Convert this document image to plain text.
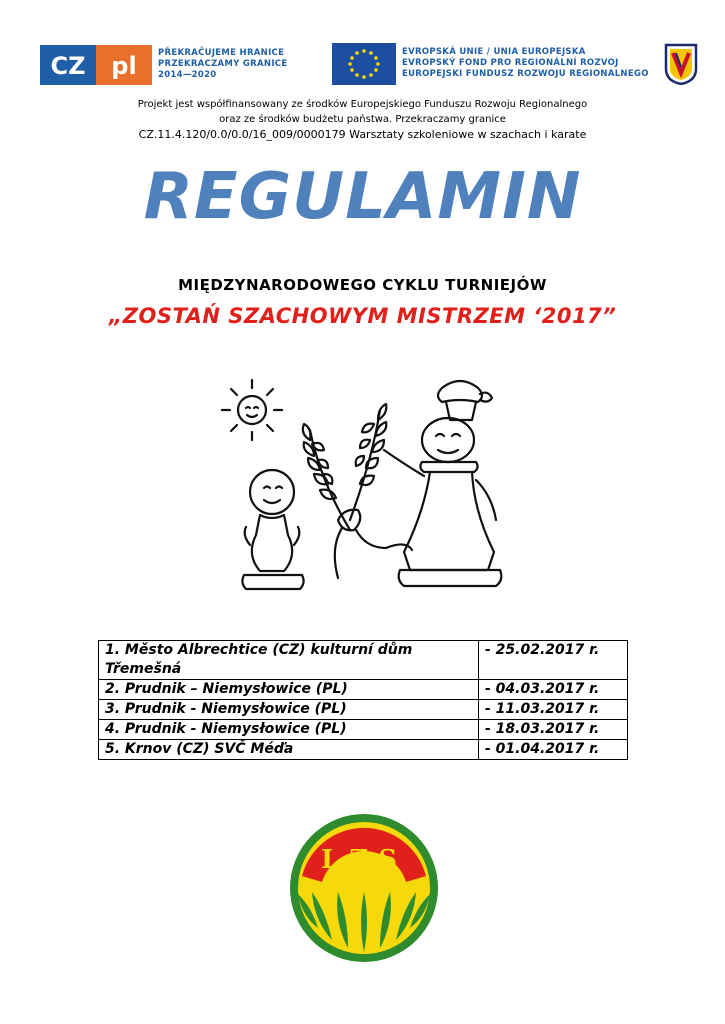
CZ pl	PŘEKRAČUJEME HRANICE
PRZEKRACZAMY GRANICE
2014—2020
EVROPSKÁ UNIE / UNIA EUROPEJSKA
EVROPSKÝ FOND PRO REGIONÁLNÍ ROZVOJ
EUROPEJSKI FUNDUSZ ROZWOJU REGIONALNEGO
Projekt jest współfinansowany ze środków Europejskiego Funduszu Rozwoju Regionalnego
oraz ze środków budżetu państwa. Przekraczamy granice
CZ.11.4.120/0.0/0.0/16_009/0000179 Warsztaty szkoleniowe w szachach i karate
REGULAMIN
MIĘDZYNARODOWEGO CYKLU TURNIEJÓW
„ZOSTAŃ SZACHOWYM MISTRZEM ‘2017”
1. Město Albrechtice (CZ) kulturní dům Třemešná	- 25.02.2017 r.
2. Prudnik – Niemysłowice (PL)	- 04.03.2017 r.
3. Prudnik - Niemysłowice (PL)	- 11.03.2017 r.
4. Prudnik - Niemysłowice (PL)	- 18.03.2017 r.
5. Krnov (CZ) SVČ Méďa	- 01.04.2017 r.
LZS
